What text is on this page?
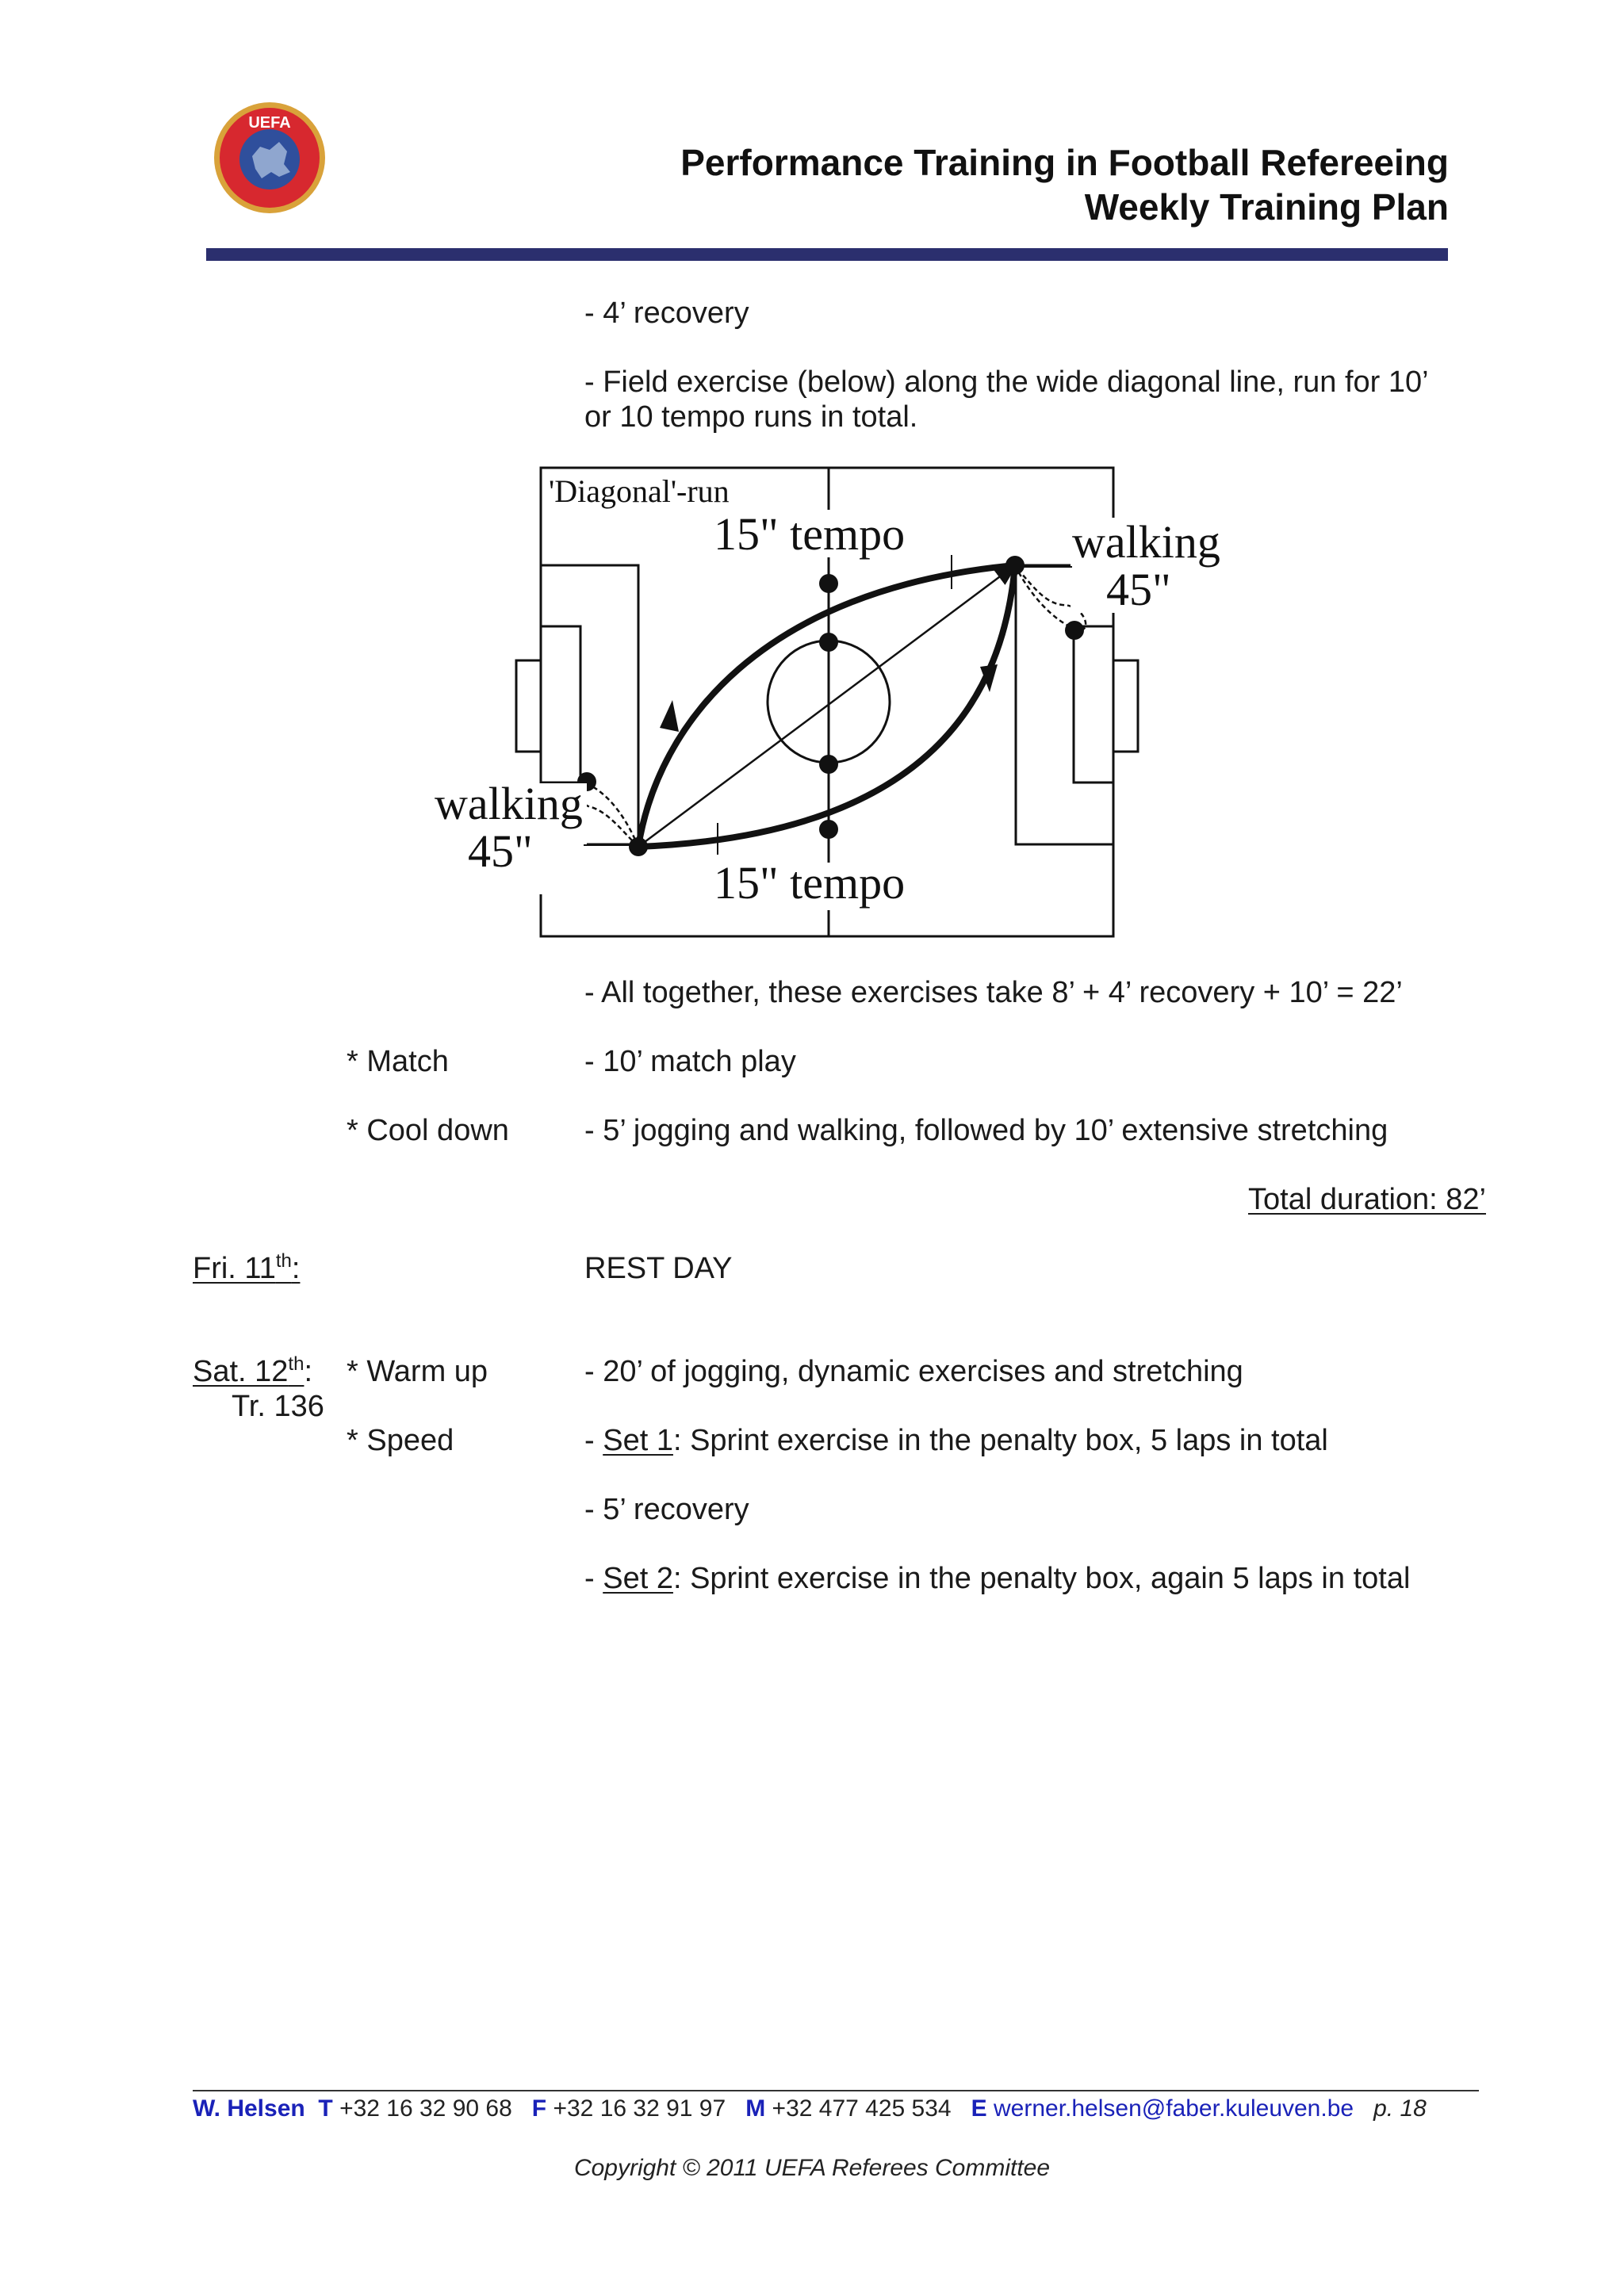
UEFA
Performance Training in Football Refereeing
Weekly Training Plan
- 4’ recovery
- Field exercise (below) along the wide diagonal line, run for 10’
or 10 tempo runs in total.
'Diagonal'-run
15" tempo
15" tempo
walking
45"
walking
45"
- All together, these exercises take 8’ + 4’ recovery + 10’ = 22’
* Match	- 10’ match play
* Cool down	- 5’ jogging and walking, followed by 10’ extensive stretching
Total duration: 82’
Fri. 11th:	REST DAY
Sat. 12th:
Tr. 136
* Warm up	- 20’ of jogging, dynamic exercises and stretching
* Speed	- Set 1: Sprint exercise in the penalty box, 5 laps in total
- 5’ recovery
- Set 2: Sprint exercise in the penalty box, again 5 laps in total
W. Helsen T +32 16 32 90 68 F +32 16 32 91 97 M +32 477 425 534 E werner.helsen@faber.kuleuven.be p. 18
Copyright © 2011 UEFA Referees Committee
